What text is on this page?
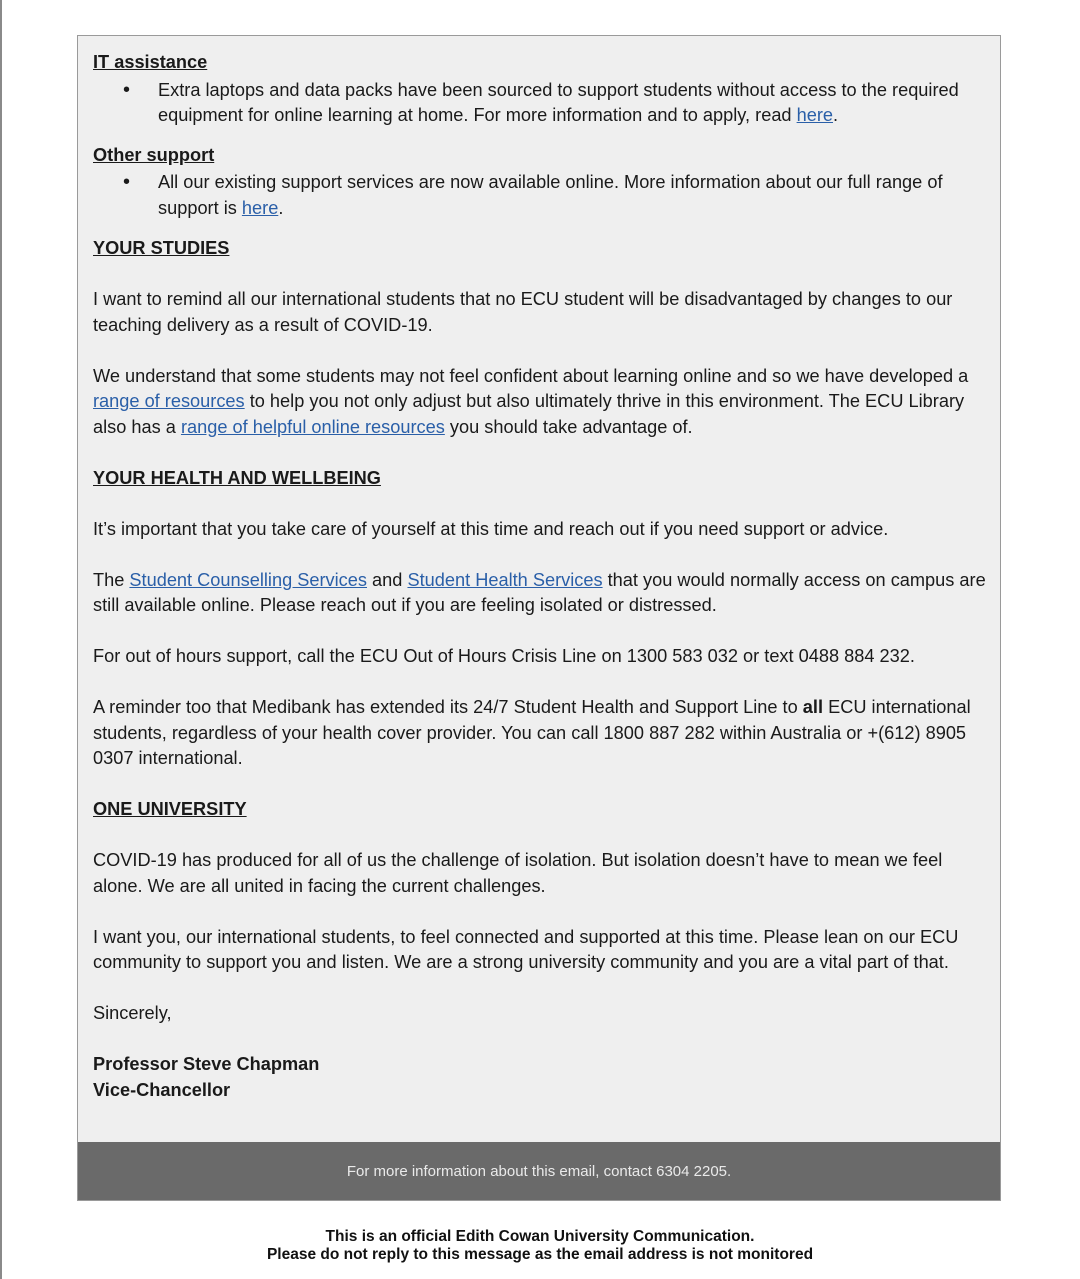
IT assistance

• Extra laptops and data packs have been sourced to support students without access to the required equipment for online learning at home. For more information and to apply, read here.

Other support

• All our existing support services are now available online. More information about our full range of support is here.

YOUR STUDIES

I want to remind all our international students that no ECU student will be disadvantaged by changes to our teaching delivery as a result of COVID-19.

We understand that some students may not feel confident about learning online and so we have developed a range of resources to help you not only adjust but also ultimately thrive in this environment. The ECU Library also has a range of helpful online resources you should take advantage of.

YOUR HEALTH AND WELLBEING

It’s important that you take care of yourself at this time and reach out if you need support or advice.

The Student Counselling Services and Student Health Services that you would normally access on campus are still available online. Please reach out if you are feeling isolated or distressed.

For out of hours support, call the ECU Out of Hours Crisis Line on 1300 583 032 or text 0488 884 232.

A reminder too that Medibank has extended its 24/7 Student Health and Support Line to all ECU international students, regardless of your health cover provider. You can call 1800 887 282 within Australia or +(612) 8905 0307 international.

ONE UNIVERSITY

COVID-19 has produced for all of us the challenge of isolation. But isolation doesn’t have to mean we feel alone. We are all united in facing the current challenges.

I want you, our international students, to feel connected and supported at this time. Please lean on our ECU community to support you and listen. We are a strong university community and you are a vital part of that.

Sincerely,

Professor Steve Chapman

Vice-Chancellor

For more information about this email, contact 6304 2205.
This is an official Edith Cowan University Communication.
Please do not reply to this message as the email address is not monitored
